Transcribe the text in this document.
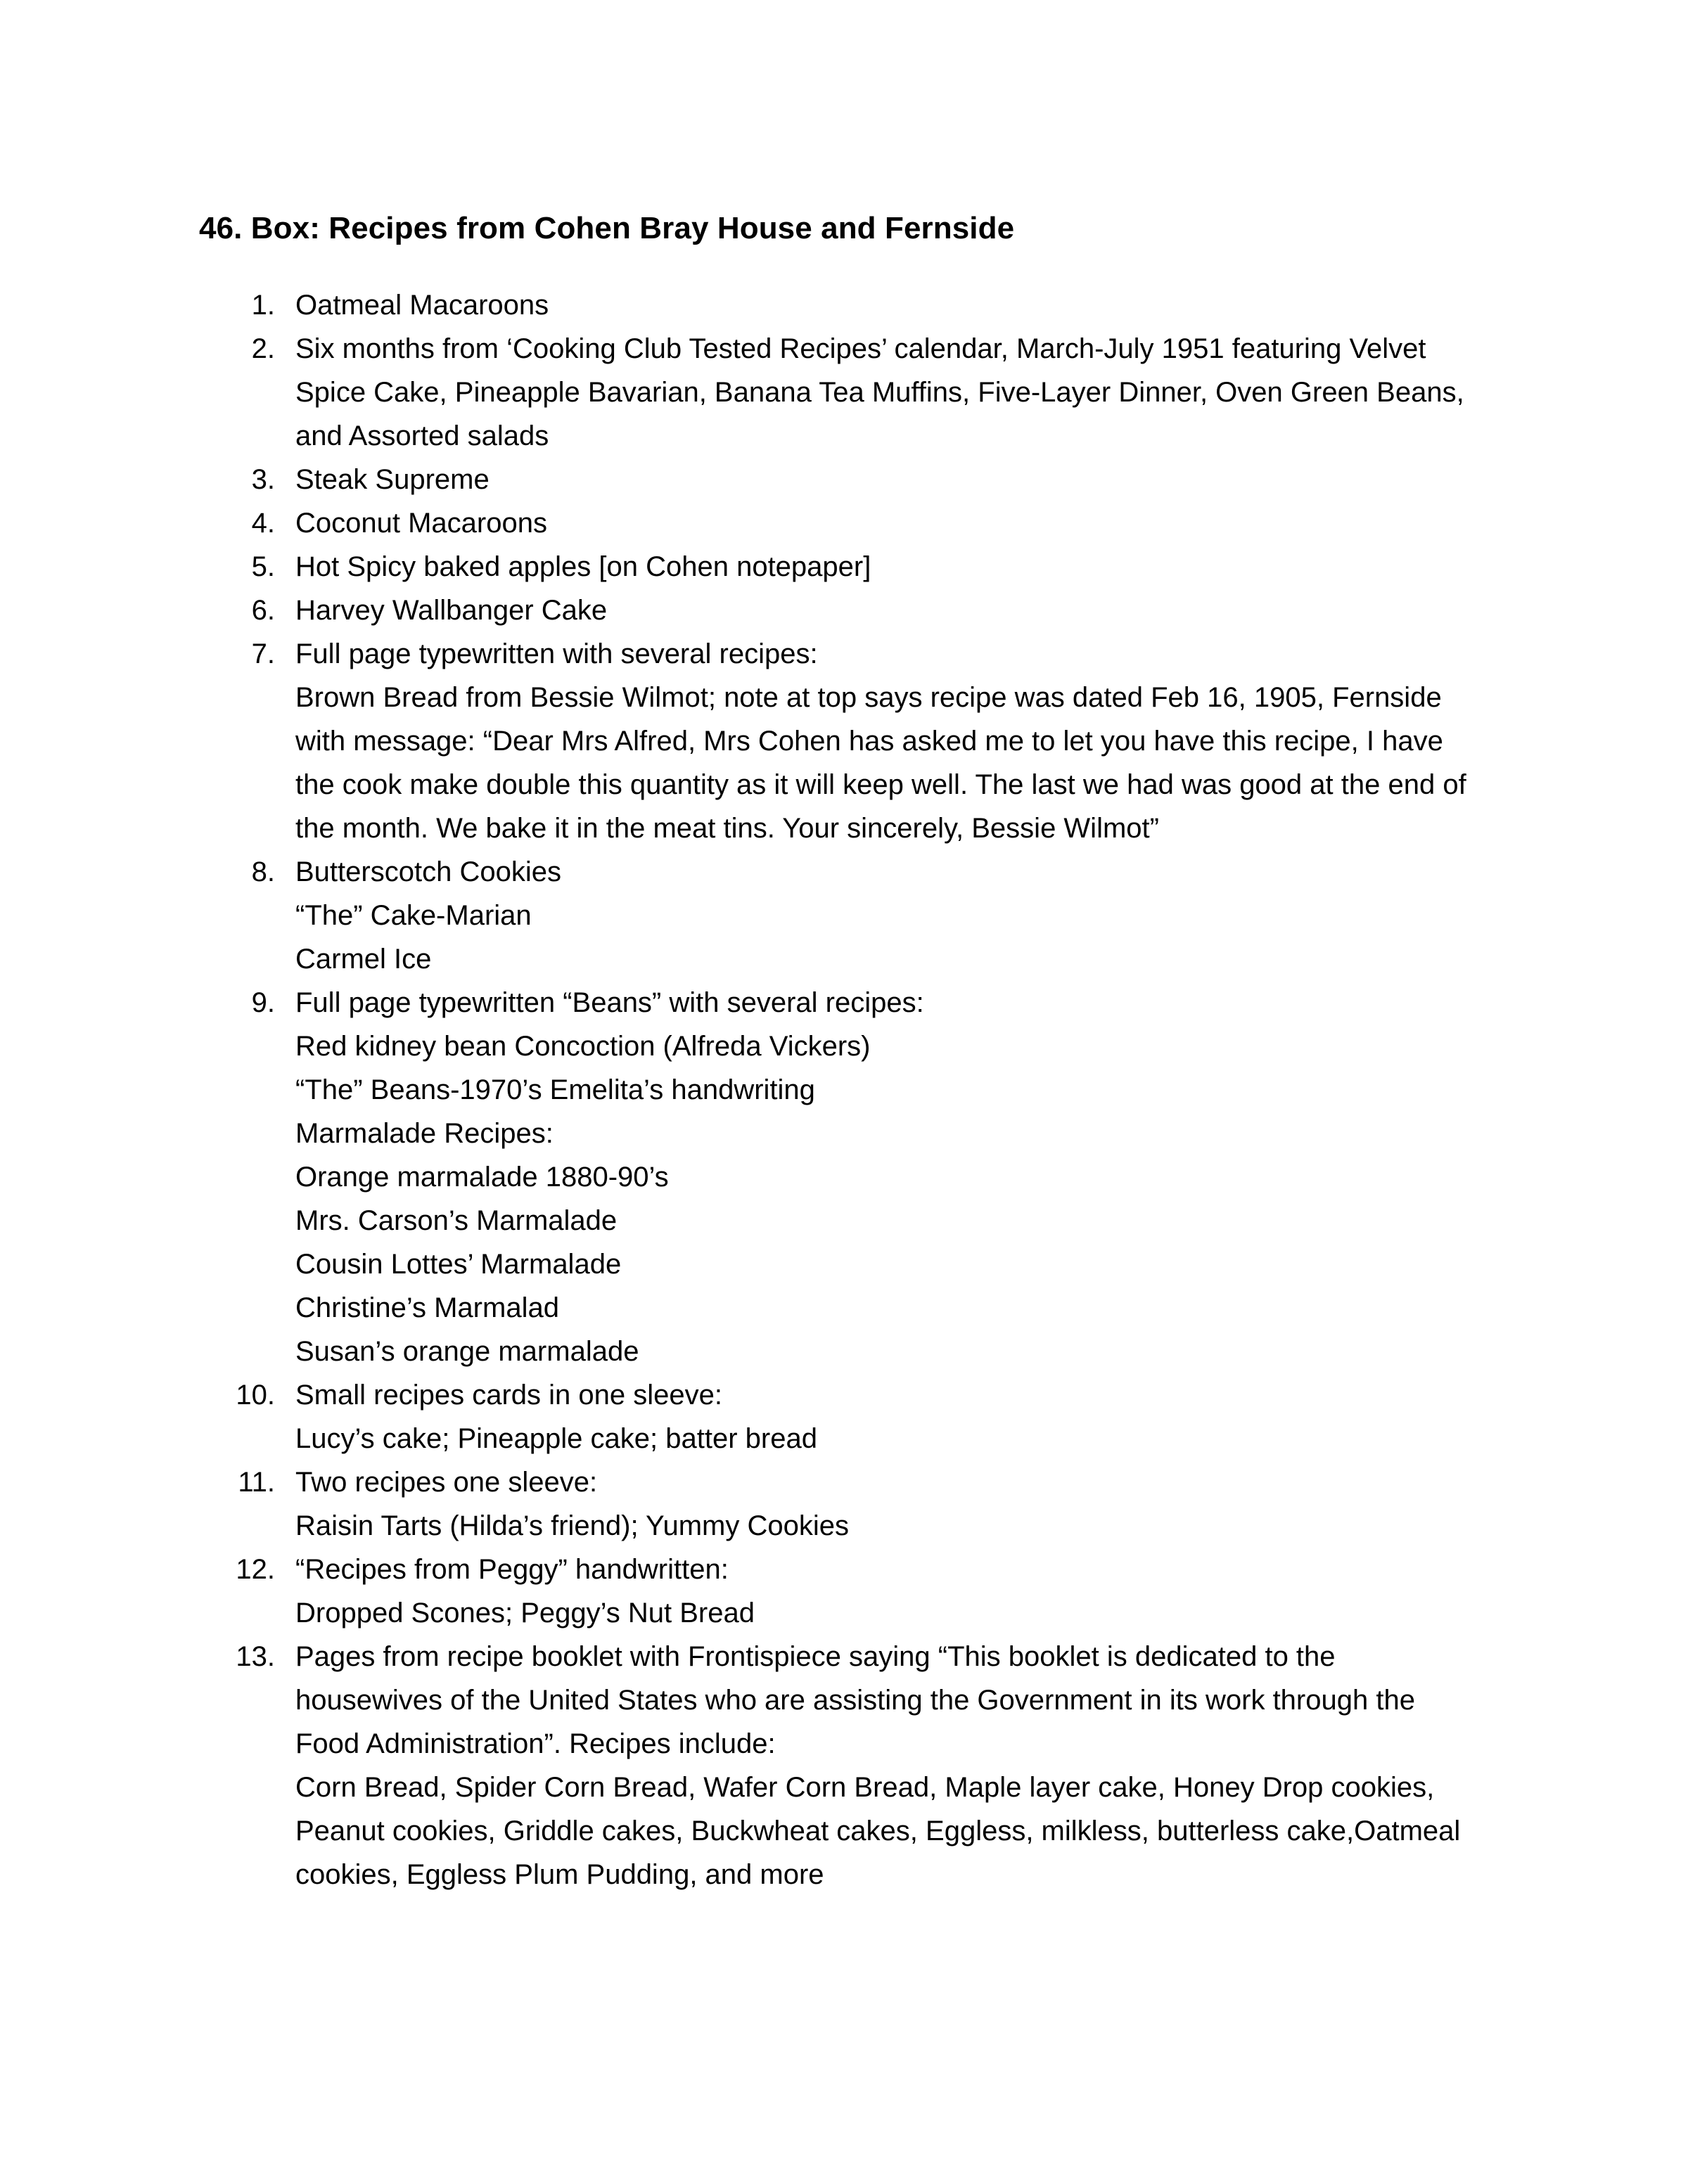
46. Box: Recipes from Cohen Bray House and Fernside
1. Oatmeal Macaroons
2. Six months from ‘Cooking Club Tested Recipes’ calendar, March-July 1951 featuring Velvet Spice Cake, Pineapple Bavarian, Banana Tea Muffins, Five-Layer Dinner, Oven Green Beans, and Assorted salads
3. Steak Supreme
4. Coconut Macaroons
5. Hot Spicy baked apples [on Cohen notepaper]
6. Harvey Wallbanger Cake
7. Full page typewritten with several recipes:
Brown Bread from Bessie Wilmot; note at top says recipe was dated Feb 16, 1905, Fernside with message: “Dear Mrs Alfred, Mrs Cohen has asked me to let you have this recipe, I have the cook make double this quantity as it will keep well. The last we had was good at the end of the month. We bake it in the meat tins. Your sincerely, Bessie Wilmot”
8. Butterscotch Cookies
“The” Cake-Marian
Carmel Ice
9. Full page typewritten “Beans” with several recipes:
Red kidney bean Concoction (Alfreda Vickers)
“The” Beans-1970’s Emelita’s handwriting
Marmalade Recipes:
Orange marmalade 1880-90’s
Mrs. Carson’s Marmalade
Cousin Lottes’ Marmalade
Christine’s Marmalad
Susan’s orange marmalade
10. Small recipes cards in one sleeve:
Lucy’s cake; Pineapple cake; batter bread
11. Two recipes one sleeve:
Raisin Tarts (Hilda’s friend); Yummy Cookies
12. “Recipes from Peggy” handwritten:
Dropped Scones; Peggy’s Nut Bread
13. Pages from recipe booklet with Frontispiece saying “This booklet is dedicated to the housewives of the United States who are assisting the Government in its work through the Food Administration”. Recipes include:
Corn Bread, Spider Corn Bread, Wafer Corn Bread, Maple layer cake, Honey Drop cookies, Peanut cookies, Griddle cakes, Buckwheat cakes, Eggless, milkless, butterless cake,Oatmeal cookies, Eggless Plum Pudding, and more
